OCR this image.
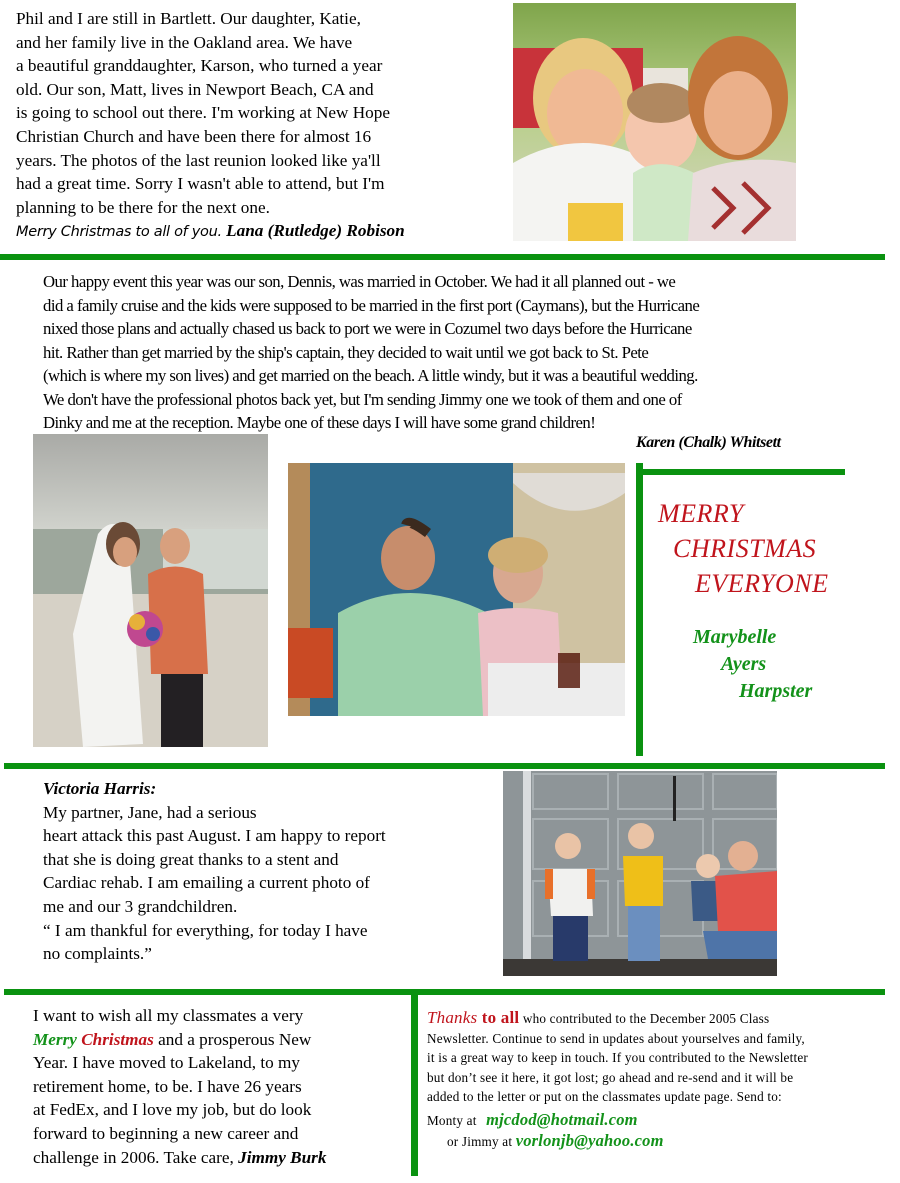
Phil and I are still in Bartlett. Our daughter, Katie,
and her family live in the Oakland area. We have
a beautiful granddaughter, Karson, who turned a year
old. Our son, Matt, lives in Newport Beach, CA and
is going to school out there. I'm working at New Hope
Christian Church and have been there for almost 16
years. The photos of the last reunion looked like ya'll
had a great time. Sorry I wasn't able to attend, but I'm
planning to be there for the next one.
Merry Christmas to all of you. Lana (Rutledge) Robison
Our happy event this year was our son, Dennis, was married in October. We had it all planned out - we
did a family cruise and the kids were supposed to be married in the first port (Caymans), but the Hurricane
nixed those plans and actually chased us back to port we were in Cozumel two days before the Hurricane
hit. Rather than get married by the ship's captain, they decided to wait until we got back to St. Pete
(which is where my son lives) and get married on the beach. A little windy, but it was a beautiful wedding.
We don't have the professional photos back yet, but I'm sending Jimmy one we took of them and one of
Dinky and me at the reception. Maybe one of these days I will have some grand children!
Karen (Chalk) Whitsett
MERRY
CHRISTMAS
EVERYONE
Marybelle
Ayers
Harpster
Victoria Harris:
My partner, Jane, had a serious
heart attack this past August. I am happy to report
that she is doing great thanks to a stent and
Cardiac rehab. I am emailing a current photo of
me and our 3 grandchildren.
“ I am thankful for everything, for today I have
no complaints.”
I want to wish all my classmates a very
Merry Christmas and a prosperous New
Year. I have moved to Lakeland, to my
retirement home, to be. I have 26 years
at FedEx, and I love my job, but do look
forward to beginning a new career and
challenge in 2006. Take care, Jimmy Burk
Thanks to all who contributed to the December 2005 Class
Newsletter. Continue to send in updates about yourselves and family,
it is a great way to keep in touch. If you contributed to the Newsletter
but don’t see it here, it got lost; go ahead and re-send and it will be
added to the letter or put on the classmates update page. Send to:
Monty at mjcdod@hotmail.com
or Jimmy at vorlonjb@yahoo.com
